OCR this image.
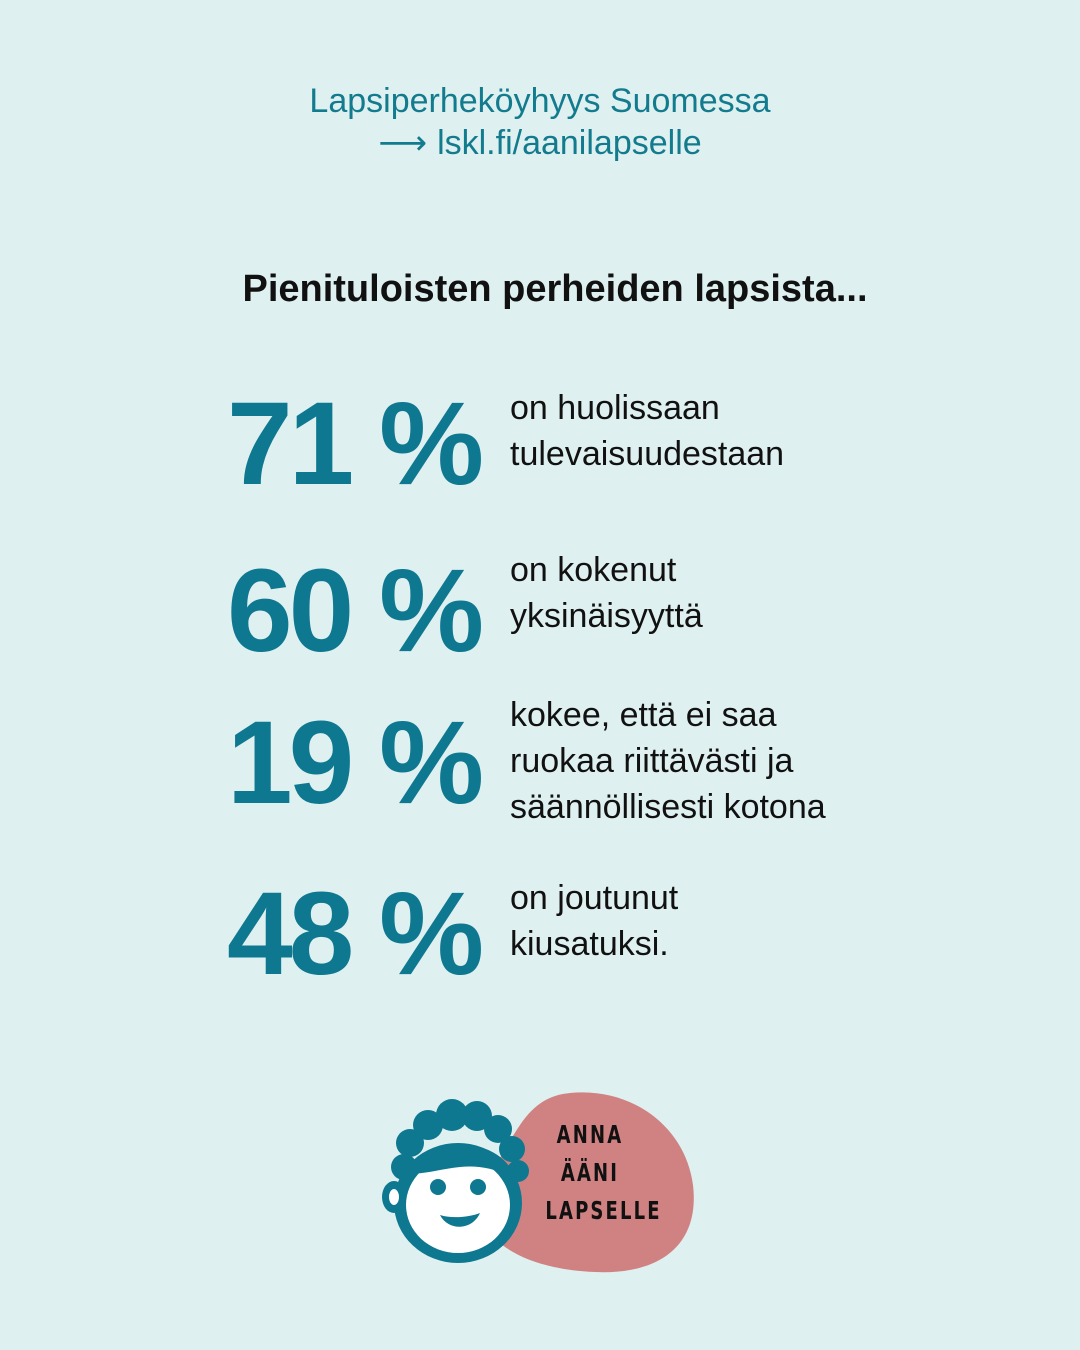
Lapsiperheköyhyys Suomessa
⟶ lskl.fi/aanilapselle
Pienituloisten perheiden lapsista...
71 % on huolissaan
tulevaisuudestaan
60 % on kokenut
yksinäisyyttä
19 % kokee, että ei saa
ruokaa riittävästi ja
säännöllisesti kotona
48 % on joutunut
kiusatuksi.
ANNA
ÄÄNI
LAPSELLE
